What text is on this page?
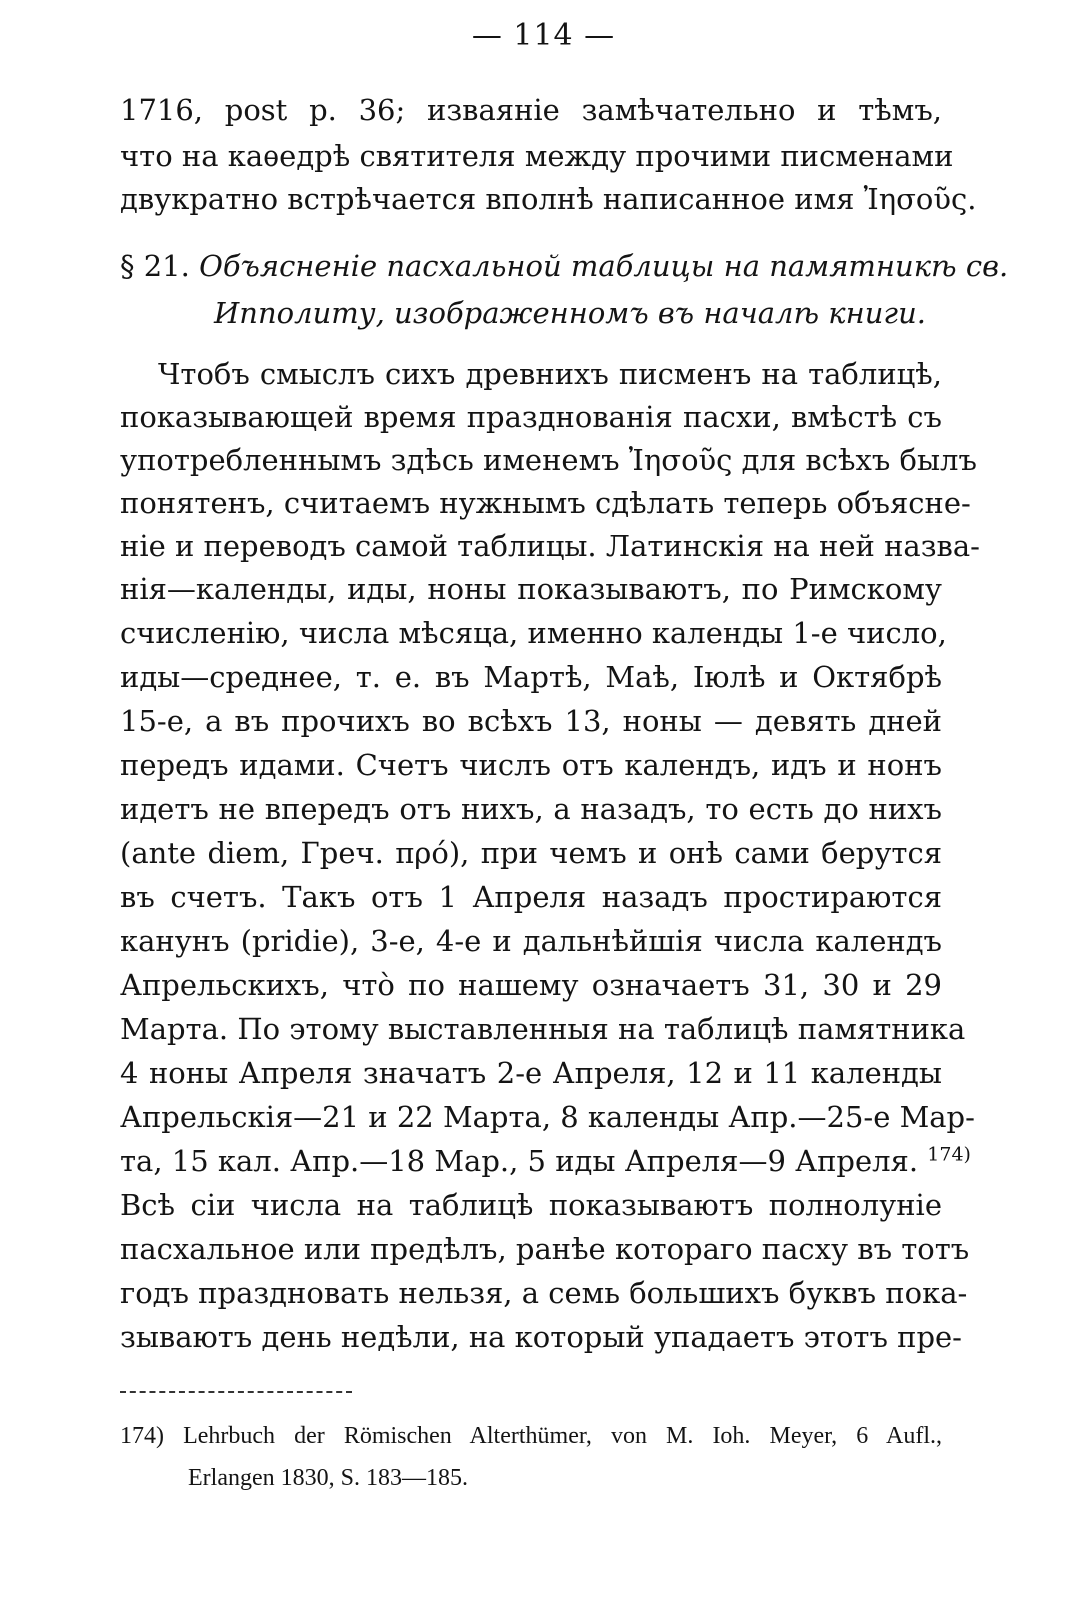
— 114 —
1716, post p. 36; изваяніе замѣчательно и тѣмъ,
что на каѳедрѣ святителя между прочими писменами
двукратно встрѣчается вполнѣ написанное имя Ἰησοῦς.
§ 21. Объясненіе пасхальной таблицы на памятникѣ св.
Ипполиту, изображенномъ въ началѣ книги.
Чтобъ смыслъ сихъ древнихъ писменъ на таблицѣ,
показывающей время празднованія пасхи, вмѣстѣ съ
употребленнымъ здѣсь именемъ Ἰησοῦς для всѣхъ былъ
понятенъ, считаемъ нужнымъ сдѣлать теперь объясне-
ніе и переводъ самой таблицы. Латинскія на ней назва-
нія—календы, иды, ноны показываютъ, по Римскому
счисленію, числа мѣсяца, именно календы 1-е число,
иды—среднее, т. е. въ Мартѣ, Маѣ, Іюлѣ и Октябрѣ
15-е, а въ прочихъ во всѣхъ 13, ноны — девять дней
передъ идами. Счетъ числъ отъ календъ, идъ и нонъ
идетъ не впередъ отъ нихъ, а назадъ, то есть до нихъ
(ante diem, Греч. πρό), при чемъ и онѣ сами берутся
въ счетъ. Такъ отъ 1 Апреля назадъ простираются
канунъ (pridie), 3-е, 4-е и дальнѣйшія числа календъ
Апрельскихъ, что̀ по нашему означаетъ 31, 30 и 29
Марта. По этому выставленныя на таблицѣ памятника
4 ноны Апреля значатъ 2-е Апреля, 12 и 11 календы
Апрельскія—21 и 22 Марта, 8 календы Апр.—25-е Мар-
та, 15 кал. Апр.—18 Мар., 5 иды Апреля—9 Апреля. $^{174)}$
Всѣ сіи числа на таблицѣ показываютъ полнолуніе
пасхальное или предѣлъ, ранѣе котораго пасху въ тотъ
годъ праздновать нельзя, а семь большихъ буквъ пока-
зываютъ день недѣли, на который упадаетъ этотъ пре-
174) Lehrbuch der Römischen Alterthümer, von M. Ioh. Meyer, 6 Aufl.,
Erlangen 1830, S. 183—185.
